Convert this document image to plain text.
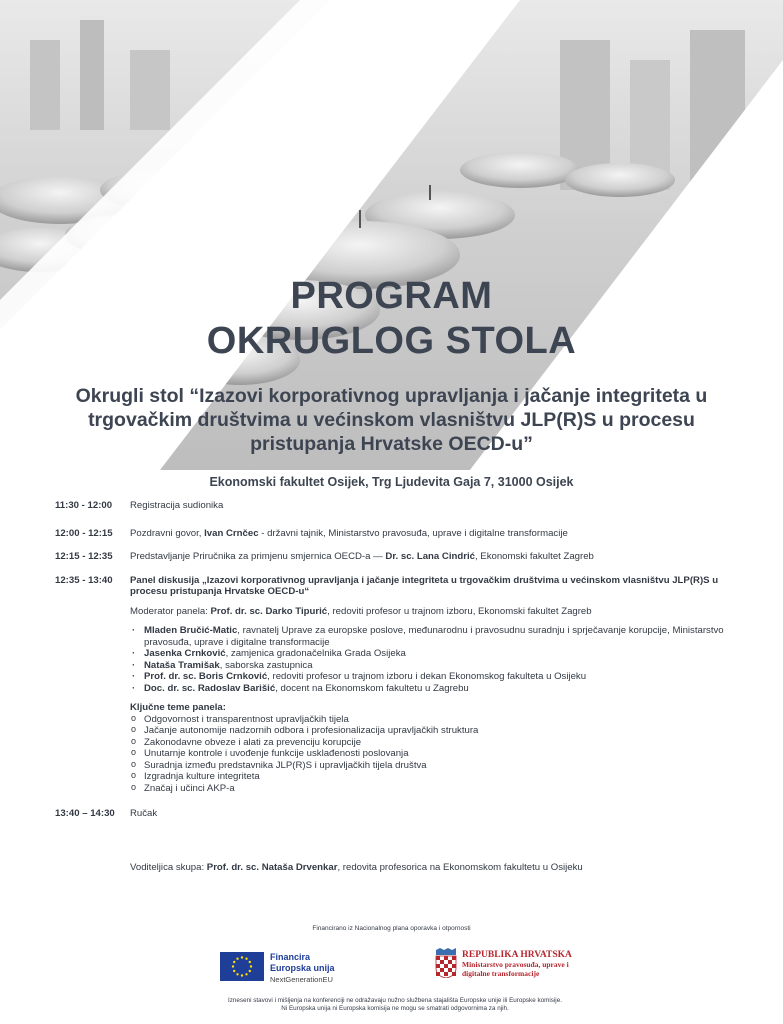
PROGRAM
OKRUGLOG STOLA
Okrugli stol “Izazovi korporativnog upravljanja i jačanje integriteta u trgovačkim društvima u većinskom vlasništvu JLP(R)S u procesu pristupanja Hrvatske OECD-u”
Ekonomski fakultet Osijek, Trg Ljudevita Gaja 7, 31000 Osijek
11:30 - 12:00	Registracija sudionika
12:00 - 12:15	Pozdravni govor, Ivan Crnčec - državni tajnik, Ministarstvo pravosuđa, uprave i digitalne transformacije
12:15 - 12:35	Predstavljanje Priručnika za primjenu smjernica OECD-a — Dr. sc. Lana Cindrić, Ekonomski fakultet Zagreb
12:35 - 13:40	Panel diskusija „Izazovi korporativnog upravljanja i jačanje integriteta u trgovačkim društvima u većinskom vlasništvu JLP(R)S u procesu pristupanja Hrvatske OECD-u“
Moderator panela: Prof. dr. sc. Darko Tipurić, redoviti profesor u trajnom izboru, Ekonomski fakultet Zagreb
· Mladen Bručić-Matic, ravnatelj Uprave za europske poslove, međunarodnu i pravosudnu suradnju i sprječavanje korupcije, Ministarstvo pravosuđa, uprave i digitalne transformacije
· Jasenka Crnković, zamjenica gradonačelnika Grada Osijeka
· Nataša Tramišak, saborska zastupnica
· Prof. dr. sc. Boris Crnković, redoviti profesor u trajnom izboru i dekan Ekonomskog fakulteta u Osijeku
· Doc. dr. sc. Radoslav Barišić, docent na Ekonomskom fakultetu u Zagrebu
Ključne teme panela:
o Odgovornost i transparentnost upravljačkih tijela
o Jačanje autonomije nadzornih odbora i profesionalizacija upravljačkih struktura
o Zakonodavne obveze i alati za prevenciju korupcije
o Unutarnje kontrole i uvođenje funkcije usklađenosti poslovanja
o Suradnja između predstavnika JLP(R)S i upravljačkih tijela društva
o Izgradnja kulture integriteta
o Značaj i učinci AKP-a
13:40 – 14:30	Ručak
Voditeljica skupa: Prof. dr. sc. Nataša Drvenkar, redovita profesorica na Ekonomskom fakultetu u Osijeku
Financirano iz Nacionalnog plana oporavka i otpornosti
Financira
Europska unija
NextGenerationEU
REPUBLIKA HRVATSKA
Ministarstvo pravosuđa, uprave i
digitalne transformacije
Izneseni stavovi i mišljenja na konferenciji ne odražavaju nužno službena stajališta Europske unije ili Europske komisije. Ni Europska unija ni Europska komisija ne mogu se smatrati odgovornima za njih.
